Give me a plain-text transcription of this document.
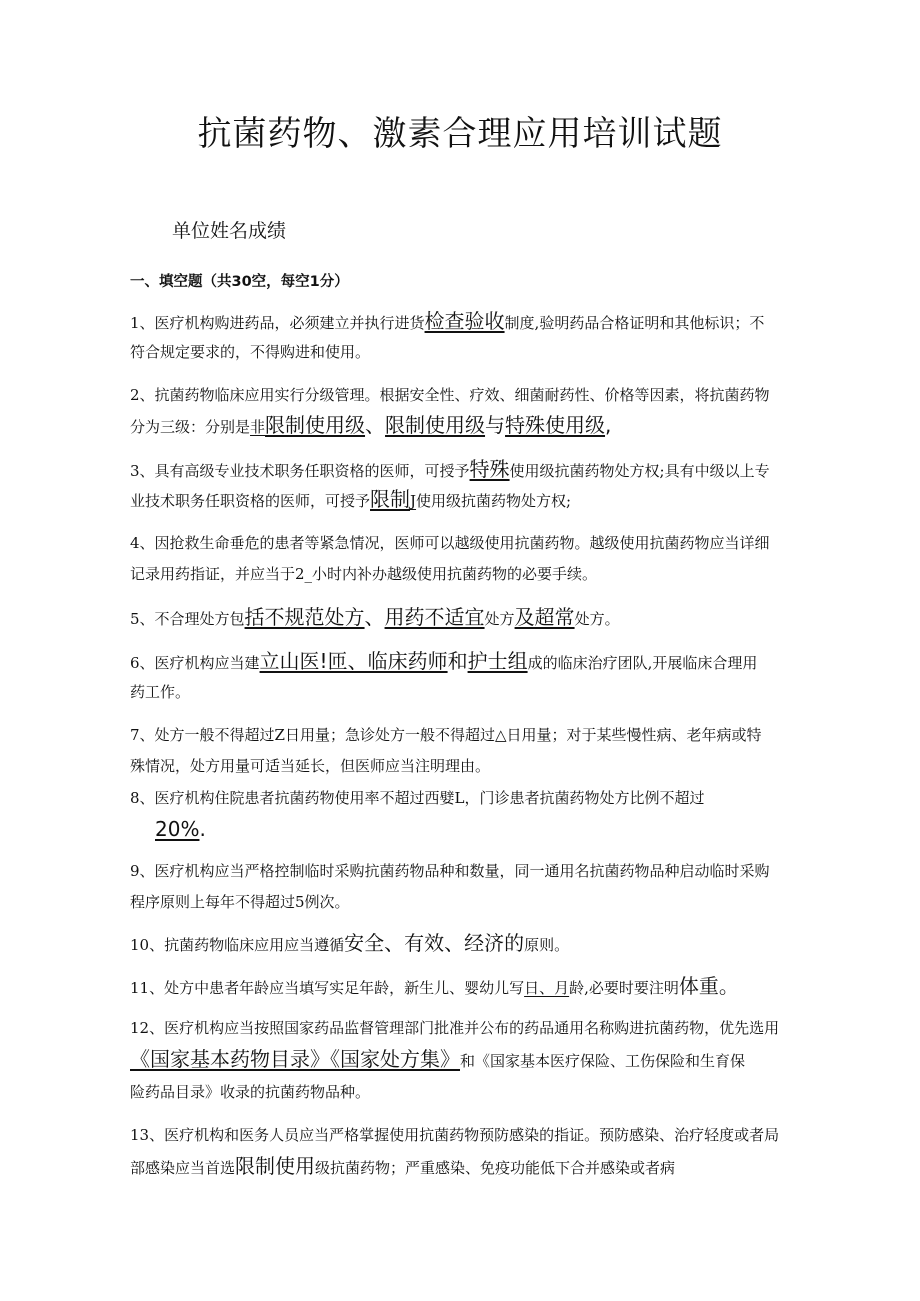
抗菌药物、激素合理应用培训试题
单位姓名成绩
一、填空题（共30空，每空1分）
1、医疗机构购进药品，必须建立并执行进货检查验收制度,验明药品合格证明和其他标识；不
符合规定要求的，不得购进和使用。
2、抗菌药物临床应用实行分级管理。根据安全性、疗效、细菌耐药性、价格等因素，将抗菌药物
分为三级：分别是非限制使用级、限制使用级与特殊使用级,
3、具有高级专业技术职务任职资格的医师，可授予特殊使用级抗菌药物处方权;具有中级以上专
业技术职务任职资格的医师，可授予限制J使用级抗菌药物处方权;
4、因抢救生命垂危的患者等紧急情况，医师可以越级使用抗菌药物。越级使用抗菌药物应当详细
记录用药指证，并应当于2_小时内补办越级使用抗菌药物的必要手续。
5、不合理处方包括不规范处方、用药不适宜处方及超常处方。
6、医疗机构应当建立山医!匝、临床药师和护士组成的临床治疗团队,开展临床合理用
药工作。
7、处方一般不得超过Z日用量；急诊处方一般不得超过△日用量；对于某些慢性病、老年病或特
殊情况，处方用量可适当延长，但医师应当注明理由。
8、医疗机构住院患者抗菌药物使用率不超过西嬖L，门诊患者抗菌药物处方比例不超过
20%.
9、医疗机构应当严格控制临时采购抗菌药物品种和数量，同一通用名抗菌药物品种启动临时采购
程序原则上每年不得超过5例次。
10、抗菌药物临床应用应当遵循安全、有效、经济的原则。
11、处方中患者年龄应当填写实足年龄，新生儿、婴幼儿写日、月龄,必要时要注明体重。
12、医疗机构应当按照国家药品监督管理部门批准并公布的药品通用名称购进抗菌药物，优先选用
《国家基本药物目录》《国家处方集》和《国家基本医疗保险、工伤保险和生育保
险药品目录》收录的抗菌药物品种。
13、医疗机构和医务人员应当严格掌握使用抗菌药物预防感染的指证。预防感染、治疗轻度或者局
部感染应当首选限制使用级抗菌药物；严重感染、免疫功能低下合并感染或者病
